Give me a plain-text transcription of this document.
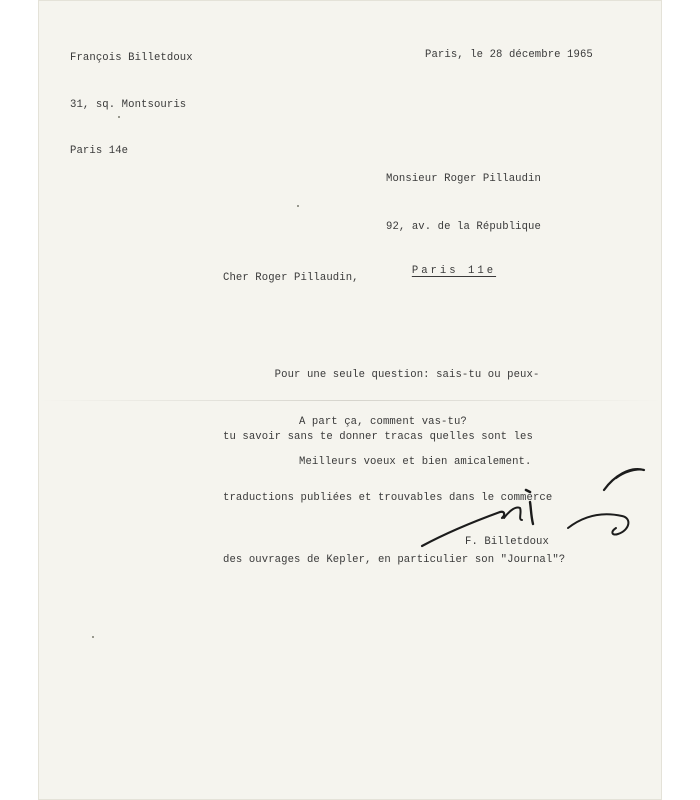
François Billetdoux

31, sq. Montsouris

Paris 14e

Paris, le 28 décembre 1965

Monsieur Roger Pillaudin

92, av. de la République

Paris 11e

Cher Roger Pillaudin,

Pour une seule question: sais-tu ou peux-

tu savoir sans te donner tracas quelles sont les

traductions publiées et trouvables dans le commerce

des ouvrages de Kepler, en particulier son "Journal"?

A part ça, comment vas-tu?
Meilleurs voeux et bien amicalement.
F. Billetdoux
